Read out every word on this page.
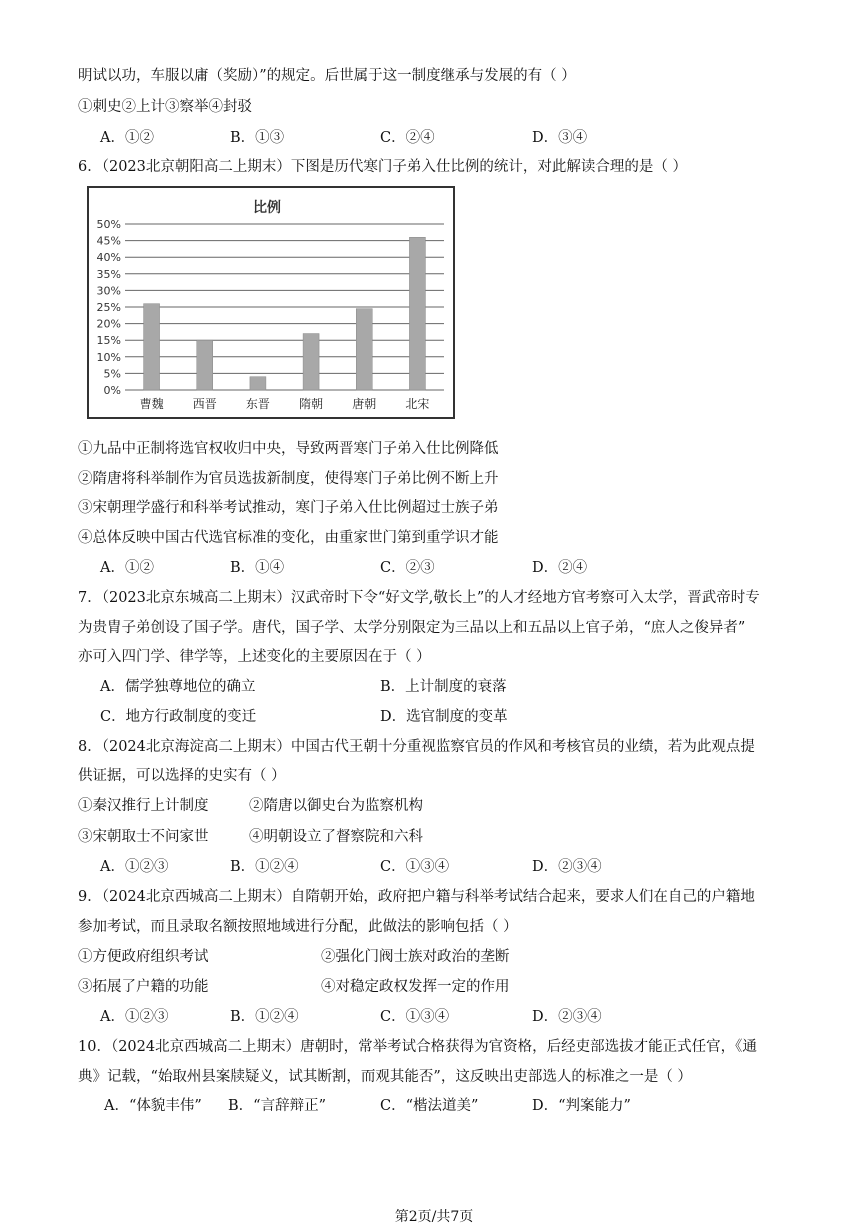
明试以功，车服以庸（奖励）”的规定。后世属于这一制度继承与发展的有（ ）
①刺史②上计③察举④封驳
A．①②	B．①③	C．②④	D．③④
6．（2023北京朝阳高二上期末）下图是历代寒门子弟入仕比例的统计，对此解读合理的是（ ）
比例
0%
5%
10%
15%
20%
25%
30%
35%
40%
45%
50%
曹魏 西晋 东晋 隋朝 唐朝 北宋
①九品中正制将选官权收归中央，导致两晋寒门子弟入仕比例降低
②隋唐将科举制作为官员选拔新制度，使得寒门子弟比例不断上升
③宋朝理学盛行和科举考试推动，寒门子弟入仕比例超过士族子弟
④总体反映中国古代选官标准的变化，由重家世门第到重学识才能
A．①②	B．①④	C．②③	D．②④
7．（2023北京东城高二上期末）汉武帝时下令“好文学,敬长上”的人才经地方官考察可入太学，晋武帝时专
为贵胄子弟创设了国子学。唐代，国子学、太学分别限定为三品以上和五品以上官子弟，“庶人之俊异者”
亦可入四门学、律学等，上述变化的主要原因在于（ ）
A．儒学独尊地位的确立	B．上计制度的衰落
C．地方行政制度的变迁	D．选官制度的变革
8．（2024北京海淀高二上期末）中国古代王朝十分重视监察官员的作风和考核官员的业绩，若为此观点提
供证据，可以选择的史实有（ ）
①秦汉推行上计制度	②隋唐以御史台为监察机构
③宋朝取士不问家世	④明朝设立了督察院和六科
A．①②③	B．①②④	C．①③④	D．②③④
9．（2024北京西城高二上期末）自隋朝开始，政府把户籍与科举考试结合起来，要求人们在自己的户籍地
参加考试，而且录取名额按照地域进行分配，此做法的影响包括（ ）
①方便政府组织考试	②强化门阀士族对政治的垄断
③拓展了户籍的功能	④对稳定政权发挥一定的作用
A．①②③	B．①②④	C．①③④	D．②③④
10．（2024北京西城高二上期末）唐朝时，常举考试合格获得为官资格，后经吏部选拔才能正式任官，《通
典》记载，“始取州县案牍疑义，试其断割，而观其能否”，这反映出吏部选人的标准之一是（ ）
A．“体貌丰伟” B．“言辞辩正”	C．“楷法道美”	D．“判案能力”
第2页/共7页
